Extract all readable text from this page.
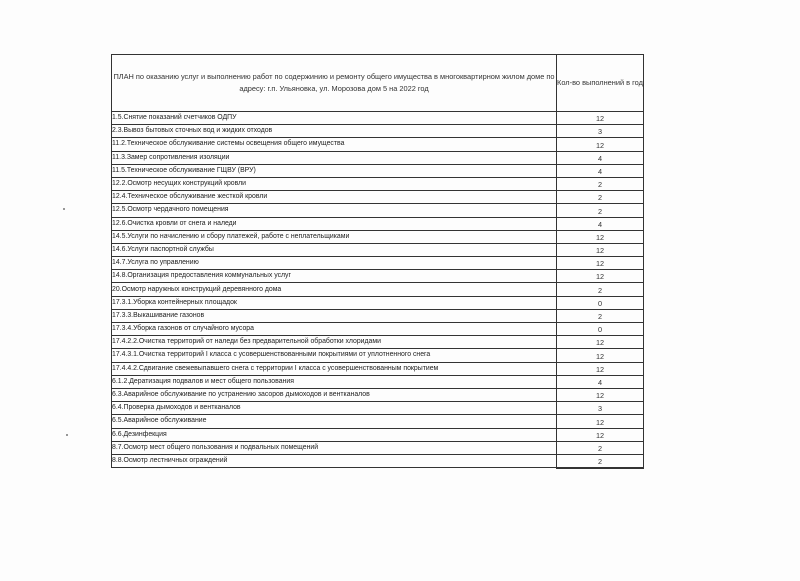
ПЛАН по оказанию услуг и выполнению работ по содержинию и ремонту общего имущества в многоквартирном жилом доме по адресу: г.п. Ульяновка, ул. Морозова дом 5 на 2022 год	Кол-во выполнений в год
1.5.Снятие показаний счетчиков ОДПУ	12
2.3.Вывоз бытовых сточных вод и жидких отходов	3
11.2.Техническое обслуживание системы освещения общего имущества	12
11.3.Замер сопротивления изоляции	4
11.5.Техническое обслуживание ГЩВУ (ВРУ)	4
12.2.Осмотр несущих конструкций кровли	2
12.4.Техническое обслуживание жесткой кровли	2
12.5.Осмотр чердачного помещения	2
12.6.Очистка кровли от снега и наледи	4
14.5.Услуги по начислению и сбору платежей, работе с неплательщиками	12
14.6.Услуги паспортной службы	12
14.7.Услуга по управлению	12
14.8.Организация предоставления коммунальных услуг	12
20.Осмотр наружных конструкций деревянного дома	2
17.3.1.Уборка контейнерных площадок	0
17.3.3.Выкашивание газонов	2
17.3.4.Уборка газонов от случайного мусора	0
17.4.2.2.Очистка территорий от наледи без предварительной обработки хлоридами	12
17.4.3.1.Очистка территорий I класса с усовершенствованными покрытиями от уплотненного снега	12
17.4.4.2.Сдвигание свежевыпавшего снега с территории I класса с усовершенствованным покрытием	12
6.1.2.Дератизация подвалов и мест общего пользования	4
6.3.Аварийное обслуживание по устранению засоров дымоходов и вентканалов	12
6.4.Проверка дымоходов и вентканалов	3
6.5.Аварийное обслуживание	12
6.6.Дезинфекция	12
8.7.Осмотр мест общего пользования и подвальных помещений	2
8.8.Осмотр лестничных ограждений	2
